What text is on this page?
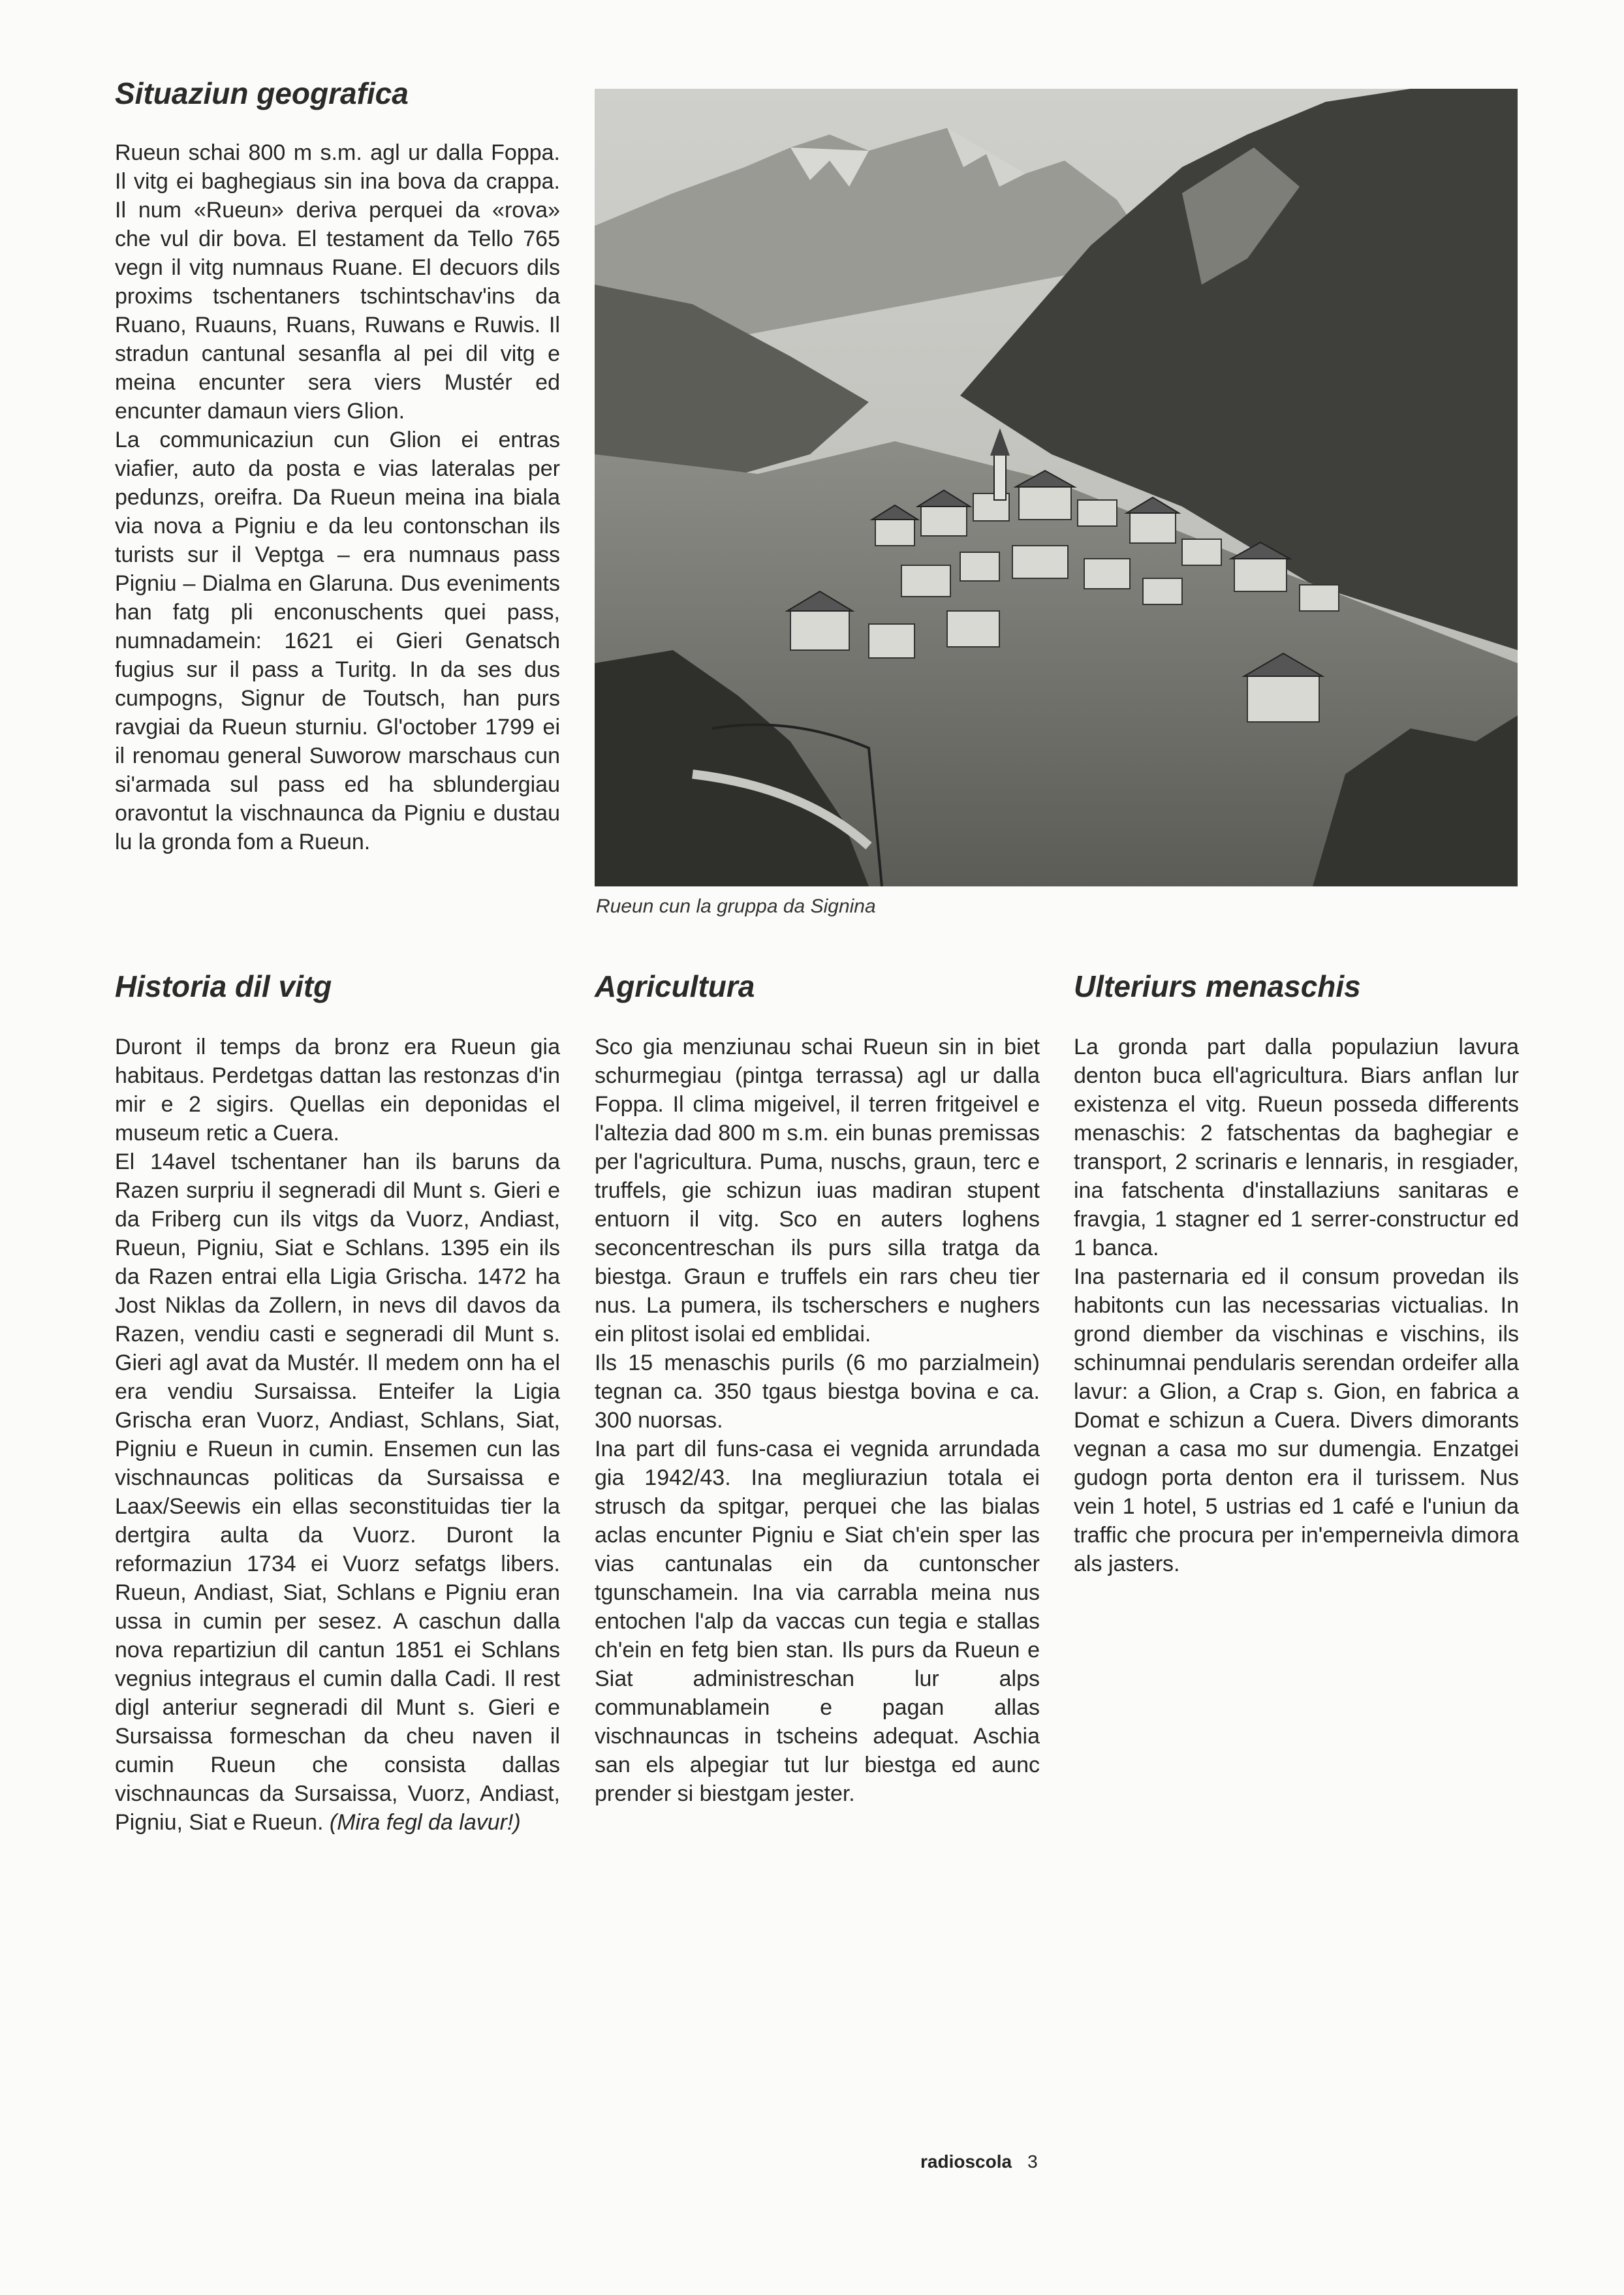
Situaziun geografica

Rueun schai 800 m s.m. agl ur dalla Foppa. Il vitg ei baghegiaus sin ina bova da crappa. Il num «Rueun» deriva perquei da «rova» che vul dir bova. El testament da Tello 765 vegn il vitg numnaus Ruane. El decuors dils proxims tschentaners tschintschav'ins da Ruano, Ruauns, Ruans, Ruwans e Ruwis. Il stradun cantunal sesanfla al pei dil vitg e meina encunter sera viers Mustér ed encunter damaun viers Glion.

La communicaziun cun Glion ei entras viafier, auto da posta e vias lateralas per pedunzs, oreifra. Da Rueun meina ina biala via nova a Pigniu e da leu contonschan ils turists sur il Veptga – era numnaus pass Pigniu – Dialma en Glaruna. Dus eveniments han fatg pli enconuschents quei pass, numnadamein: 1621 ei Gieri Genatsch fugius sur il pass a Turitg. In da ses dus cumpogns, Signur de Toutsch, han purs ravgiai da Rueun sturniu. Gl'october 1799 ei il renomau general Suworow marschaus cun si'armada sul pass ed ha sblundergiau oravontut la vischnaunca da Pigniu e dustau lu la gronda fom a Rueun.

Rueun cun la gruppa da Signina
Historia dil vitg

Duront il temps da bronz era Rueun gia habitaus. Perdetgas dattan las restonzas d'in mir e 2 sigirs. Quellas ein deponidas el museum retic a Cuera.

El 14avel tschentaner han ils baruns da Razen surpriu il segneradi dil Munt s. Gieri e da Friberg cun ils vitgs da Vuorz, Andiast, Rueun, Pigniu, Siat e Schlans. 1395 ein ils da Razen entrai ella Ligia Grischa. 1472 ha Jost Niklas da Zollern, in nevs dil davos da Razen, vendiu casti e segneradi dil Munt s. Gieri agl avat da Mustér. Il medem onn ha el era vendiu Sursaissa. Enteifer la Ligia Grischa eran Vuorz, Andiast, Schlans, Siat, Pigniu e Rueun in cumin. Ensemen cun las vischnauncas politicas da Sursaissa e Laax/Seewis ein ellas seconstituidas tier la dertgira aulta da Vuorz. Duront la reformaziun 1734 ei Vuorz sefatgs libers. Rueun, Andiast, Siat, Schlans e Pigniu eran ussa in cumin per sesez. A caschun dalla nova repartiziun dil cantun 1851 ei Schlans vegnius integraus el cumin dalla Cadi. Il rest digl anteriur segneradi dil Munt s. Gieri e Sursaissa formeschan da cheu naven il cumin Rueun che consista dallas vischnauncas da Sursaissa, Vuorz, Andiast, Pigniu, Siat e Rueun. (Mira fegl da lavur!)

Agricultura

Sco gia menziunau schai Rueun sin in biet schurmegiau (pintga terrassa) agl ur dalla Foppa. Il clima migeivel, il terren fritgeivel e l'altezia dad 800 m s.m. ein bunas premissas per l'agricultura. Puma, nuschs, graun, terc e truffels, gie schizun iuas madiran stupent entuorn il vitg. Sco en auters loghens seconcentreschan ils purs silla tratga da biestga. Graun e truffels ein rars cheu tier nus. La pumera, ils tscherschers e nughers ein plitost isolai ed emblidai.

Ils 15 menaschis purils (6 mo parzialmein) tegnan ca. 350 tgaus biestga bovina e ca. 300 nuorsas.

Ina part dil funs-casa ei vegnida arrundada gia 1942/43. Ina megliuraziun totala ei strusch da spitgar, perquei che las bialas aclas encunter Pigniu e Siat ch'ein sper las vias cantunalas ein da cuntonscher tgunschamein. Ina via carrabla meina nus entochen l'alp da vaccas cun tegia e stallas ch'ein en fetg bien stan. Ils purs da Rueun e Siat administreschan lur alps communablamein e pagan allas vischnauncas in tscheins adequat. Aschia san els alpegiar tut lur biestga ed aunc prender si biestgam jester.

Ulteriurs menaschis

La gronda part dalla populaziun lavura denton buca ell'agricultura. Biars anflan lur existenza el vitg. Rueun posseda differents menaschis: 2 fatschentas da baghegiar e transport, 2 scrinaris e lennaris, in resgiader, ina fatschenta d'installaziuns sanitaras e fravgia, 1 stagner ed 1 serrer-constructur ed 1 banca.

Ina pasternaria ed il consum provedan ils habitonts cun las necessarias victualias. In grond diember da vischinas e vischins, ils schinumnai pendularis serendan ordeifer alla lavur: a Glion, a Crap s. Gion, en fabrica a Domat e schizun a Cuera. Divers dimorants vegnan a casa mo sur dumengia. Enzatgei gudogn porta denton era il turissem. Nus vein 1 hotel, 5 ustrias ed 1 café e l'uniun da traffic che procura per in'emperneivla dimora als jasters.

radioscola 3
